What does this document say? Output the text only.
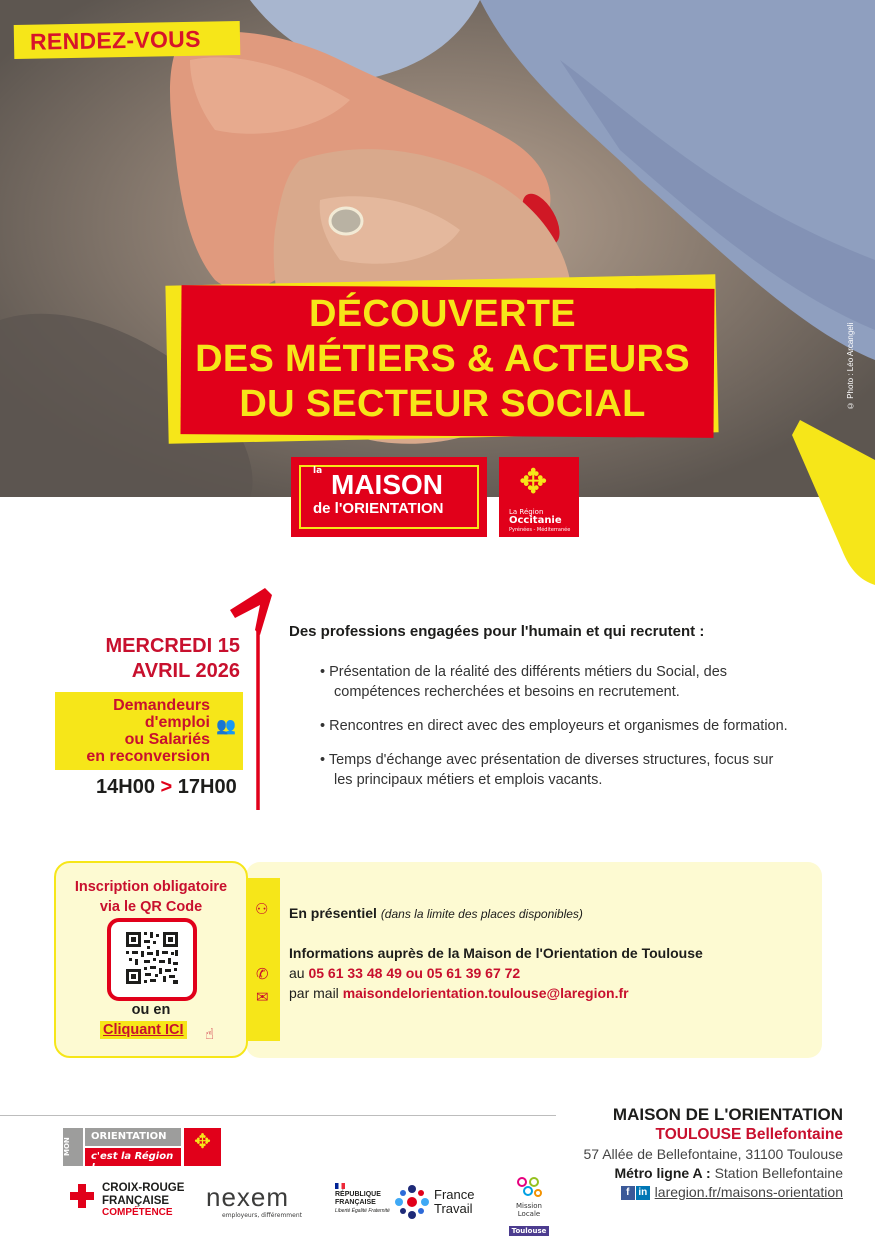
RENDEZ-VOUS
© Photo : Léo Arcangeli
DÉCOUVERTE
DES MÉTIERS & ACTEURS
DU SECTEUR SOCIAL
la MAISON
de l'ORIENTATION
✥
La Région
Occitanie
Pyrénées - Méditerranée
MERCREDI 15
AVRIL 2026
Demandeurs
d'emploi
ou Salariés
en reconversion
👥
14H00 > 17H00
Des professions engagées pour l'humain et qui recrutent :
• Présentation de la réalité des différents métiers du Social, des compétences recherchées et besoins en recrutement.
• Rencontres en direct avec des employeurs et organismes de formation.
• Temps d'échange avec présentation de diverses structures, focus sur les principaux métiers et emplois vacants.
Inscription obligatoire
via le QR Code
ou en
Cliquant ICI ☝
⚇
✆
✉
En présentiel (dans la limite des places disponibles)
Informations auprès de la Maison de l'Orientation de Toulouse
au 05 61 33 48 49 ou 05 61 39 67 72
par mail maisondelorientation.toulouse@laregion.fr
MON
ORIENTATION
c'est la Région !
✥
CROIX-ROUGE
FRANÇAISE
COMPÉTENCE
nexem
employeurs, différemment
RÉPUBLIQUE
FRANÇAISE
Liberté Égalité Fraternité
France
Travail	Mission Locale
Toulouse
MAISON DE L'ORIENTATION
TOULOUSE Bellefontaine
57 Allée de Bellefontaine, 31100 Toulouse
Métro ligne A : Station Bellefontaine
f in laregion.fr/maisons-orientation
